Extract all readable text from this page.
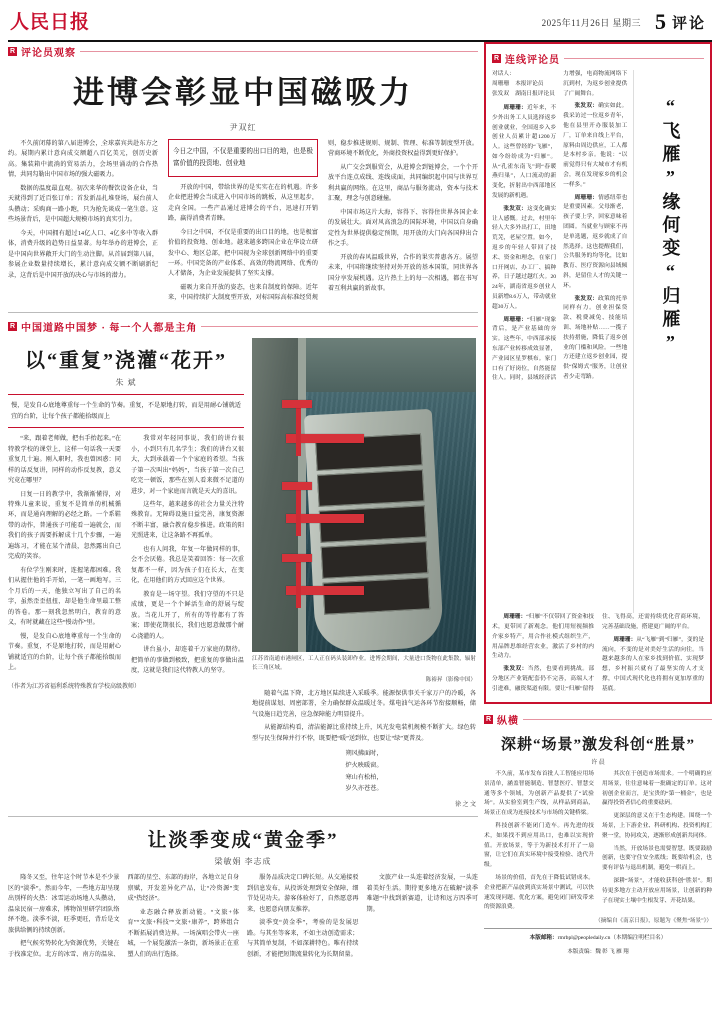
人民日报	2025年11月26日 星期三 5 评论
R 评论员观察
进博会彰显中国磁吸力
尹双红

不久前闭幕的第八届进博会，ְ全球嘉宾共赴东方之约。展期内累计意向成交额超八百亿美元，创历史新高。集装箱中流淌的贸易活力，会场里涌动的合作热情，共同勾勒出中国市场的强大磁吸力。

数据的温度最直观。初次来华的餐饮设备企业，当天就得到了近百张订单；首发新品扎堆登场，展台前人头攒动；采购商一路小跑，只为抢先谈成一笔生意。这些场景背后，是中国超大规模市场的真实引力。

今天，中国拥有超过14亿人口、4亿多中等收入群体，消费升级的趋势日益显著。每年举办的进博会，正是中国向世界敞开大门的生动注脚。从首届到第八届，参展企业数量持续增长，累计意向成交额不断刷新纪录，这背后是中国开放的决心与市场的潜力。

今日之中国，不仅是重要的出口目的地，也是极富价值的投资地、创业地

开放的中国，带给世界的是实实在在的机遇。许多企业把进博会当成进入中国市场的跳板，从这里起步，走向全国。一些产品通过进博会的平台，迅速打开销路，赢得消费者青睐。

今日之中国，不仅是重要的出口目的地，也是极富价值的投资地、创业地。越来越多跨国企业在华设立研发中心、地区总部，把中国视为全球创新网络中的重要一环。中国完备的产业体系、高效的物流网络、优秀的人才储备，为企业发展提供了坚实支撑。

磁吸力来自开放的姿态，也来自制度的保障。近年来，中国持续扩大制度型开放，对标国际高标准经贸规则，稳步推进规则、规制、管理、标准等制度型开放。营商环境不断优化，外商投资权益得到更好保护。

从广交会到服贸会，从进博会到链博会，一个个开放平台连点成线、连线成面，共同编织起中国与世界互利共赢的网络。在这里，商品与服务流动，资本与技术汇聚，理念与创意碰撞。

中国市场这片大海，容得下、容得住世界各国企业的发展壮大。面对风高浪急的国际环境，中国以自身确定性为世界提供稳定预期，用开放的大门向各国伸出合作之手。

开放的春风温暖世界，合作的果实普惠各方。展望未来，中国将继续坚持对外开放的基本国策，同世界各国分享发展机遇。这片热土上的每一次相遇，都在书写着互利共赢的新故事。

R 中国道路中国梦 · 每一个人都是主角
以“重复”浇灌“花开”
朱 斌
慢，是发自心底地尊重每一个生命的节奏。重复，不是原地打转，而是用耐心铺就适宜的台阶，让每个孩子都能拾级而上

“来，跟着老师做，把右手抬起来。”在特教学校的课堂上，这样一句话我一天要重复几十遍。刚入职时，我也曾困惑：同样的话反复讲，同样的动作反复教，意义究竟在哪里？

日复一日的教学中，我渐渐懂得，对特殊儿童来说，重复不是简单的机械循环，而是通向理解的必经之路。一个系鞋带的动作，普通孩子可能看一遍就会，而我们的孩子需要拆解成十几个步骤，一遍遍练习，才能在某个清晨，忽然露出自己完成的笑容。

有位学生刚来时，连握笔都困难。我们从握住他的手开始，一笔一画地写。三个月后的一天，他独立写出了自己的名字，虽然歪歪扭扭，却是他生命里最工整的答卷。那一刻我忽然明白，教育的意义，有时就藏在这些“慢动作”里。

慢，是发自心底地尊重每一个生命的节奏。重复，不是原地打转，而是用耐心铺就适宜的台阶，让每个孩子都能拾级而上。

我常对年轻同事说，我们的讲台很小，小到只有几名学生；我们的讲台又很大，大到承载着一个个家庭的希望。当孩子第一次叫出“妈妈”，当孩子第一次自己吃完一顿饭，那些在别人看来微不足道的进步，对一个家庭而言就是天大的喜讯。

这些年，越来越多的社会力量关注特殊教育。无障碍设施日益完善，康复资源不断丰富，融合教育稳步推进。政策的阳光照进来，让这条路不再孤单。

也有人问我，年复一年做同样的事，会不会厌倦。我总是笑着回答：每一次重复都不一样，因为孩子们在长大，在变化，在用他们的方式回应这个世界。

教育是一场守望。我们守望的不只是成绩，更是一个个鲜活生命的舒展与绽放。当花儿开了，所有的等待都有了答案；即使花期很长，我们也愿意做那个耐心浇灌的人。

讲台虽小，却连着千万家庭的期待。把简单的事做到极致，把重复的事做出温度，这就是我们这代特教人的坚守。

（作者为江苏省福利系统特殊教育学校高级教师）
江苏省南通市港闸区，工人正在码头装卸作业。进博会期间，大量进口货物在此集散，辐射长三角区域。
陈裕昇（影像中国）

随着气温下降，北方地区陆续进入采暖季。能源保供事关千家万户的冷暖，各地提前谋划、周密部署，全力确保群众温暖过冬。煤电油气运各环节衔接顺畅，储气设施日趋完善，应急保障能力明显提升。

从能源结构看，清洁能源比重持续上升，风光发电装机规模不断扩大。绿色转型与民生保障并行不悖，既要把“暖”送到位，也要让“绿”更普及。

朔风拂面时，
炉火映暖窗。
寒山有松柏，
岁久亦苍苍。
徐 之 文
让淡季变成“黄金季”
梁敏娟 李志成

隆冬又至，往年这个时节本是不少景区的“淡季”。然而今年，一些地方却呈现出别样的火热：冰雪运动场地人头攒动，温泉民宿一房难求，博物馆里研学团队络绎不绝。淡季不淡，旺季更旺，背后是文旅供给侧的持续创新。

把气候劣势转化为资源优势，关键在于找准定位。北方的冰雪、南方的温泉、西部的星空、东部的海岸，各地立足自身禀赋，开发差异化产品，让“冷资源”变成“热经济”。

业态融合释放新动能。“文旅+体育”“文旅+科技”“文旅+康养”，跨界组合不断拓展消费边界。一场演唱会带火一座城，一个展览激活一条街，新场景正在重塑人们的出行选择。

服务品质决定口碑长短。从交通接驳到信息发布，从投诉处理到安全保障，细节处见功夫。游客体验好了，自然愿意再来，也愿意向朋友推荐。

淡季变“黄金季”，考验的是发展思路。与其坐等客来，不如主动创造需求；与其简单复制，不如深耕特色。唯有持续创新，才能把短期流量转化为长期留量。

文旅产业一头连着经济发展，一头连着美好生活。期待更多地方在破解“淡季难题”中找到新赛道，让诗和远方四季可期。

R 连线评论员
对话人：
周珊珊 本报评论员
张发双 湖南日报评论员

周珊珊：近年来，不少外出务工人员选择返乡创业就业，全国返乡入乡创业人员累计超1200万人。这些曾经的“飞雁”，如今纷纷成为“归雁”。从“孔雀东南飞”到“春暖燕归巢”，人口流动的新变化，折射出中西部地区发展的新机遇。

张发双：这变化确实让人感慨。过去，村里年轻人大多外出打工，田地荒芜，老屋空置。如今，返乡的年轻人带回了技术、资金和理念，在家门口开网店、办工厂、搞种养，日子越过越红火。2024年，湖南省返乡创业人员新增8.6万人，带动就业超30万人。

周珊珊：“归雁”现象背后，是产业基础的夯实。这些年，中西部承接东部产业转移成效显著，产业园区星罗棋布。家门口有了好岗位，自然能留住人。同时，县域经济活力增强，电商物流网络下沉到村，为返乡创业提供了广阔舞台。

张发双：确实如此。我采访过一位返乡青年，他在县里开办服装加工厂，订单来自线上平台，原料由周边供应，工人都是本村乡亲。他说：“以前觉得只有大城市才有机会，现在发现家乡的机会一样多。”

周珊珊：情感纽带也是重要因素。父母渐老，孩子要上学，回家意味着团圆。当就业与顾家不再是单选题，返乡就成了自然选择。这也提醒我们，公共服务的均等化，比如教育、医疗资源向县域倾斜，是留住人才的关键一环。

张发双：政策的托举同样有力。创业担保贷款、税费减免、技能培训、场地补贴……一揽子扶持措施，降低了返乡创业的门槛和风险。一些地方还建立返乡创业园，提供“保姆式”服务，让创业者少走弯路。

“飞雁”缘何变“归雁”

周珊珊：“归雁”不仅带回了资金和技术，更带回了新观念。他们用短视频推介家乡特产，用合作社模式组织生产，用品牌思维经营农业，激活了乡村的内生动力。

张发双：当然，也要看到挑战。部分地区产业链配套仍不完善，高端人才引进难，融资渠道有限。要让“归雁”留得住、飞得高，还需持续优化营商环境，完善基础设施，搭建更广阔的平台。

周珊珊：从“飞雁”到“归雁”，变的是流向，不变的是对美好生活的向往。当越来越多的人在家乡找到价值、实现梦想，乡村振兴就有了最坚实的人才支撑，中国式现代化也将拥有更加厚重的基底。

R 纵横
深耕“场景”激发科创“胜景”
许 晨

不久前，某市发布首批人工智能应用场景清单，涵盖智能制造、智慧医疗、智慧交通等多个领域，为创新产品提供了“试验场”。从实验室到生产线，从样品到商品，场景正在成为连接技术与市场的关键桥梁。

科技创新不能闭门造车。再先进的技术，如果找不到应用出口，也难以实现价值。开放场景，等于为新技术打开了一扇窗，让它们在真实环境中接受检验、迭代升级。

场景的价值，首先在于降低试错成本。企业把新产品放到真实场景中测试，可以快速发现问题、优化方案，避免闭门研发带来的资源浪费。

其次在于创造市场需求。一个明确的应用场景，往往意味着一批确定的订单。这对初创企业而言，是宝贵的“第一桶金”，也是赢得投资者信心的重要砝码。

更深层的意义在于生态构建。围绕一个场景，上下游企业、科研机构、投资机构汇聚一堂，协同攻关，逐渐形成创新共同体。

当然，开放场景也需要智慧。既要鼓励创新，也要守住安全底线；既要给机会，也要有评估与退出机制，避免一哄而上。

深耕“场景”，才能收获科创“胜景”。期待更多地方主动开放应用场景，让创新的种子在现实土壤中生根发芽、开花结果。

（摘编自《南京日报》，原题为《聚焦“场景”》）
本版邮箱：rmrbpl@peopledaily.cn（本期编注明栏目名）
本版责编：魏 彰 飞 雁 翔
